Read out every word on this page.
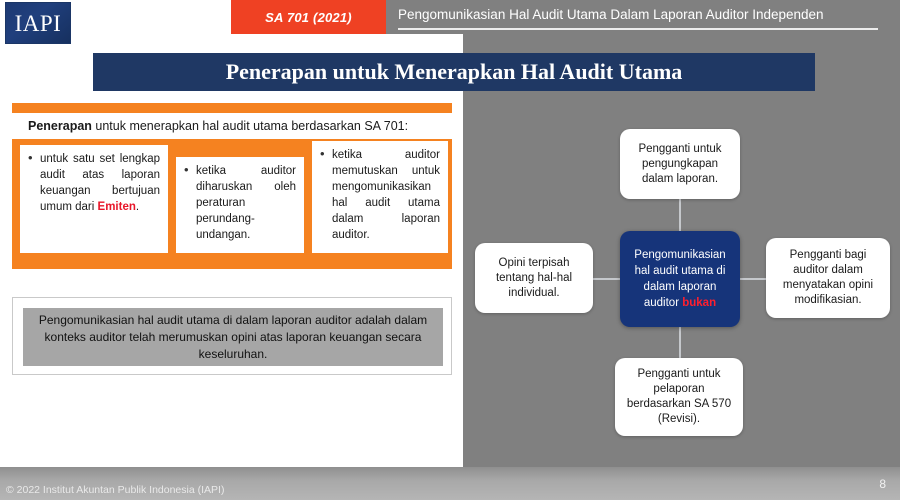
IAPI	SA 701 (2021)	Pengomunikasian Hal Audit Utama Dalam Laporan Auditor Independen
Penerapan untuk Menerapkan Hal Audit Utama
Penerapan untuk menerapkan hal audit utama berdasarkan SA 701:
• untuk satu set lengkap audit atas laporan keuangan bertujuan umum dari Emiten.
• ketika auditor diharuskan oleh peraturan perundang-undangan.
• ketika auditor memutuskan untuk mengomunikasikan hal audit utama dalam laporan auditor.
Pengomunikasian hal audit utama di dalam laporan auditor adalah dalam konteks auditor telah merumuskan opini atas laporan keuangan secara keseluruhan.
Pengganti untuk pengungkapan dalam laporan.
Opini terpisah tentang hal-hal individual.
Pengganti bagi auditor dalam menyatakan opini modifikasian.
Pengganti untuk pelaporan berdasarkan SA 570 (Revisi).
Pengomunikasian hal audit utama di dalam laporan auditor bukan
© 2022 Institut Akuntan Publik Indonesia (IAPI)	8
